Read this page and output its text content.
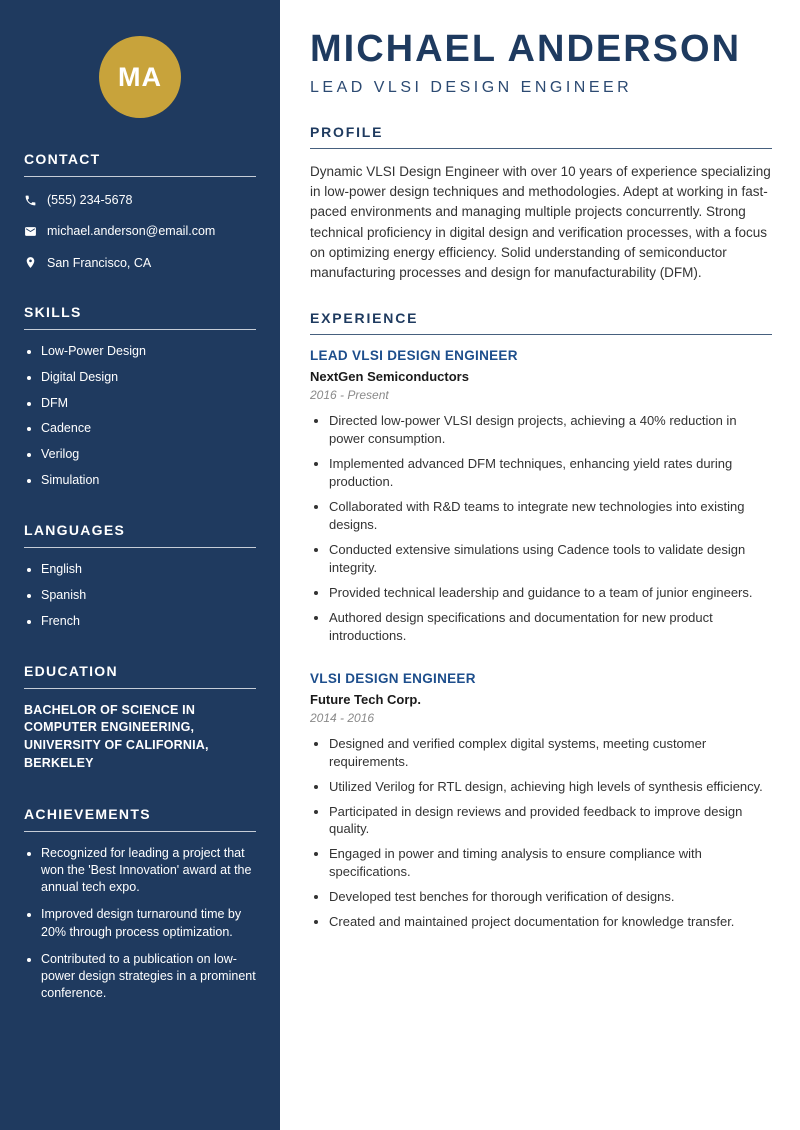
MA
CONTACT
(555) 234-5678
michael.anderson@email.com
San Francisco, CA
SKILLS
• Low-Power Design
• Digital Design
• DFM
• Cadence
• Verilog
• Simulation
LANGUAGES
• English
• Spanish
• French
EDUCATION
BACHELOR OF SCIENCE IN COMPUTER ENGINEERING, UNIVERSITY OF CALIFORNIA, BERKELEY
ACHIEVEMENTS
• Recognized for leading a project that won the 'Best Innovation' award at the annual tech expo.
• Improved design turnaround time by 20% through process optimization.
• Contributed to a publication on low-power design strategies in a prominent conference.
MICHAEL ANDERSON
LEAD VLSI DESIGN ENGINEER
PROFILE

Dynamic VLSI Design Engineer with over 10 years of experience specializing in low-power design techniques and methodologies. Adept at working in fast-paced environments and managing multiple projects concurrently. Strong technical proficiency in digital design and verification processes, with a focus on optimizing energy efficiency. Solid understanding of semiconductor manufacturing processes and design for manufacturability (DFM).

EXPERIENCE
LEAD VLSI DESIGN ENGINEER
NextGen Semiconductors
2016 - Present
• Directed low-power VLSI design projects, achieving a 40% reduction in power consumption.
• Implemented advanced DFM techniques, enhancing yield rates during production.
• Collaborated with R&D teams to integrate new technologies into existing designs.
• Conducted extensive simulations using Cadence tools to validate design integrity.
• Provided technical leadership and guidance to a team of junior engineers.
• Authored design specifications and documentation for new product introductions.
VLSI DESIGN ENGINEER
Future Tech Corp.
2014 - 2016
• Designed and verified complex digital systems, meeting customer requirements.
• Utilized Verilog for RTL design, achieving high levels of synthesis efficiency.
• Participated in design reviews and provided feedback to improve design quality.
• Engaged in power and timing analysis to ensure compliance with specifications.
• Developed test benches for thorough verification of designs.
• Created and maintained project documentation for knowledge transfer.
